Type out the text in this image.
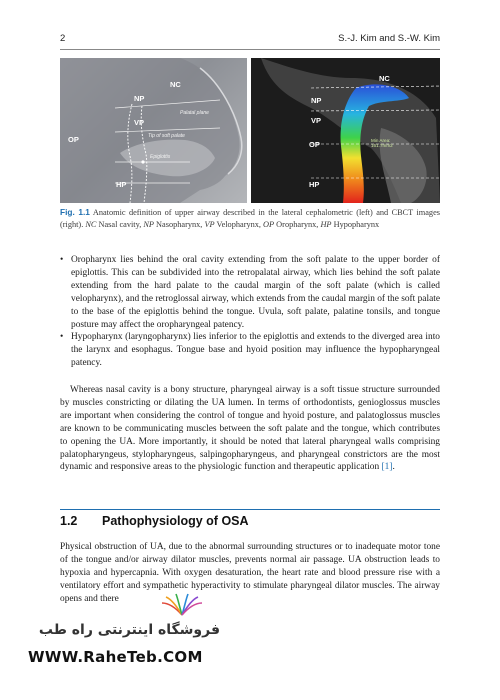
2	S.-J. Kim and S.-W. Kim
NC
NP
VP
OP
HP
Palatal plane
Tip of soft palate
Epiglottis
NC
NP
VP
OP
HP
Min Area:
161.7mm2

Fig. 1.1 Anatomic definition of upper airway described in the lateral cephalometric (left) and CBCT images (right). NC Nasal cavity, NP Nasopharynx, VP Velopharynx, OP Oropharynx, HP Hypopharynx

• Oropharynx lies behind the oral cavity extending from the soft palate to the upper border of epiglottis. This can be subdivided into the retropalatal airway, which lies behind the soft palate extending from the hard palate to the caudal margin of the soft palate (which is called velopharynx), and the retroglossal airway, which extends from the caudal margin of the soft palate to the base of the epiglottis behind the tongue. Uvula, soft palate, palatine tonsils, and tongue posture may affect the oropharyngeal patency.
• Hypopharynx (laryngopharynx) lies inferior to the epiglottis and extends to the diverged area into the larynx and esophagus. Tongue base and hyoid position may influence the hypopharyngeal patency.

Whereas nasal cavity is a bony structure, pharyngeal airway is a soft tissue structure surrounded by muscles constricting or dilating the UA lumen. In terms of orthodontists, genioglossus muscles are important when considering the control of tongue and hyoid posture, and palatoglossus muscles are known to be communicating muscles between the soft palate and the tongue, which contributes to opening the UA. More importantly, it should be noted that lateral pharyngeal walls comprising palatopharyngeus, stylopharyngeus, salpingopharyngeus, and pharyngeal constrictors are the most dynamic and responsive areas to the physiologic function and therapeutic application [1].

1.2 Pathophysiology of OSA

Physical obstruction of UA, due to the abnormal surrounding structures or to inadequate motor tone of the tongue and/or airway dilator muscles, prevents normal air passage. UA obstruction leads to hypoxia and hypercapnia. With oxygen desaturation, the heart rate and blood pressure rise with a ventilatory effort and sympathetic hyperactivity to stimulate pharyngeal dilator muscles. The airway opens and there

فروشگاه اینترنتی راه طب
WWW.RaheTeb.COM
